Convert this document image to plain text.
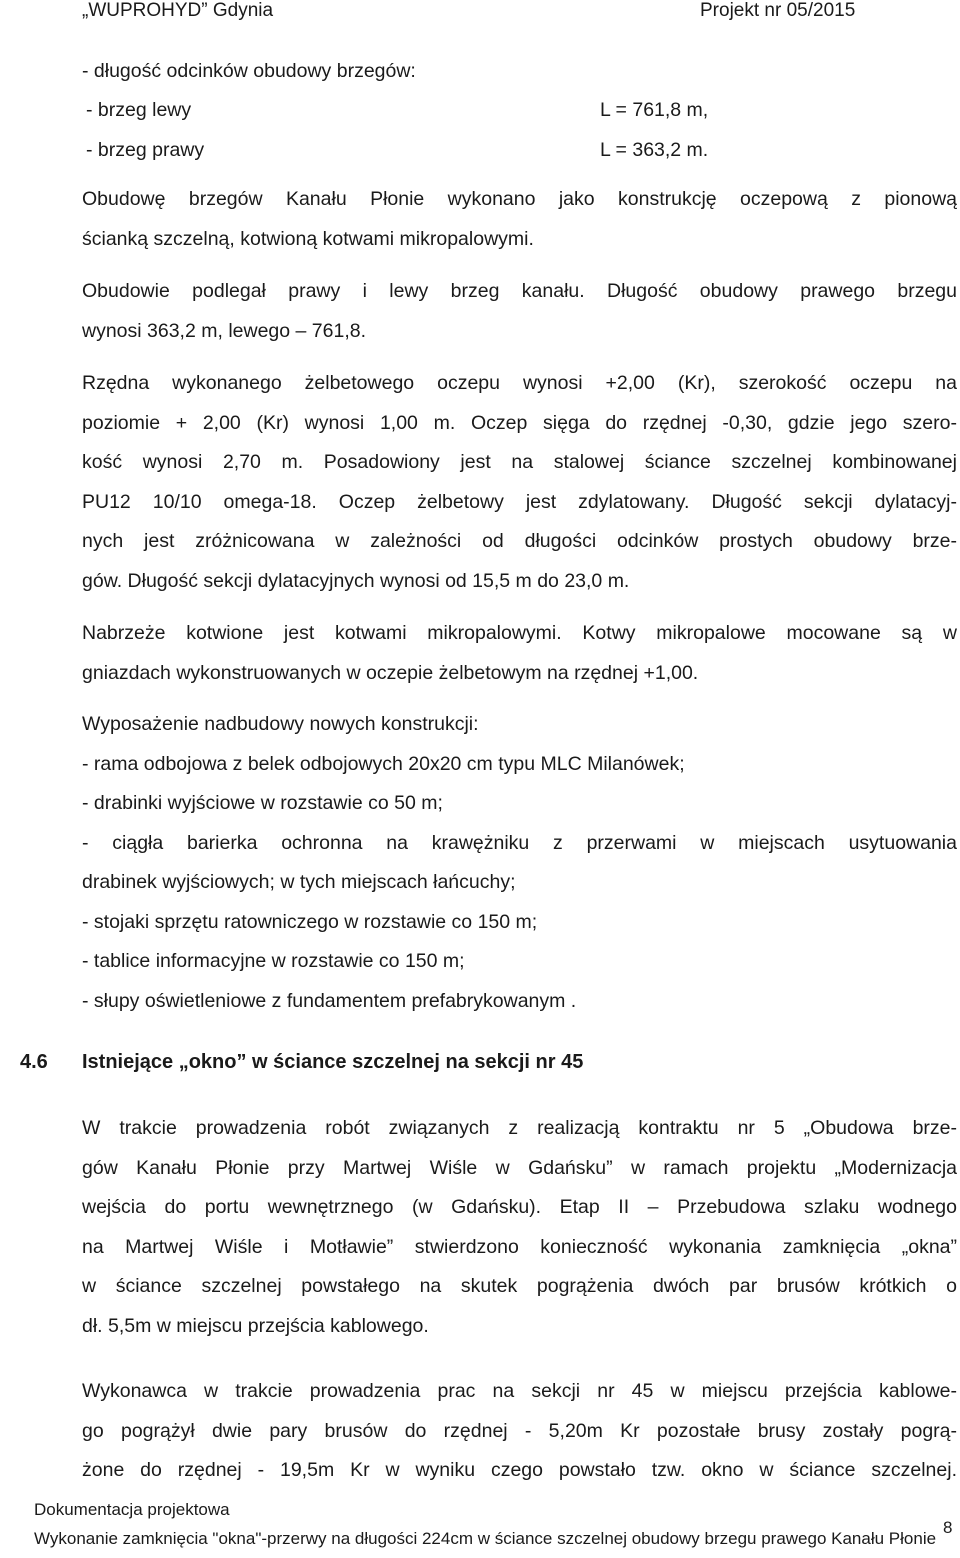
„WUPROHYD” Gdynia	Projekt nr 05/2015
- długość odcinków obudowy brzegów:
- brzeg lewy	L = 761,8 m,
- brzeg prawy	L = 363,2 m.
Obudowę brzegów Kanału Płonie wykonano jako konstrukcję oczepową z pionową
ścianką szczelną, kotwioną kotwami mikropalowymi.
Obudowie podlegał prawy i lewy brzeg kanału. Długość obudowy prawego brzegu
wynosi 363,2 m, lewego – 761,8.
Rzędna wykonanego żelbetowego oczepu wynosi +2,00 (Kr), szerokość oczepu na
poziomie + 2,00 (Kr) wynosi 1,00 m. Oczep sięga do rzędnej -0,30, gdzie jego szero-
kość wynosi 2,70 m. Posadowiony jest na stalowej ściance szczelnej kombinowanej
PU12 10/10 omega-18. Oczep żelbetowy jest zdylatowany. Długość sekcji dylatacyj-
nych jest zróżnicowana w zależności od długości odcinków prostych obudowy brze-
gów. Długość sekcji dylatacyjnych wynosi od 15,5 m do 23,0 m.
Nabrzeże kotwione jest kotwami mikropalowymi. Kotwy mikropalowe mocowane są w
gniazdach wykonstruowanych w oczepie żelbetowym na rzędnej +1,00.
Wyposażenie nadbudowy nowych konstrukcji:
- rama odbojowa z belek odbojowych 20x20 cm typu MLC Milanówek;
- drabinki wyjściowe w rozstawie co 50 m;
- ciągła barierka ochronna na krawężniku z przerwami w miejscach usytuowania
drabinek wyjściowych; w tych miejscach łańcuchy;
- stojaki sprzętu ratowniczego w rozstawie co 150 m;
- tablice informacyjne w rozstawie co 150 m;
- słupy oświetleniowe z fundamentem prefabrykowanym .
4.6 Istniejące „okno” w ściance szczelnej na sekcji nr 45
W trakcie prowadzenia robót związanych z realizacją kontraktu nr 5 „Obudowa brze-
gów Kanału Płonie przy Martwej Wiśle w Gdańsku” w ramach projektu „Modernizacja
wejścia do portu wewnętrznego (w Gdańsku). Etap II – Przebudowa szlaku wodnego
na Martwej Wiśle i Motławie” stwierdzono konieczność wykonania zamknięcia „okna”
w ściance szczelnej powstałego na skutek pogrążenia dwóch par brusów krótkich o
dł. 5,5m w miejscu przejścia kablowego.
Wykonawca w trakcie prowadzenia prac na sekcji nr 45 w miejscu przejścia kablowe-
go pogrążył dwie pary brusów do rzędnej - 5,20m Kr pozostałe brusy zostały pogrą-
żone do rzędnej - 19,5m Kr w wyniku czego powstało tzw. okno w ściance szczelnej.
Dokumentacja projektowa
Wykonanie zamknięcia "okna"-przerwy na długości 224cm w ściance szczelnej obudowy brzegu prawego Kanału Płonie
8
